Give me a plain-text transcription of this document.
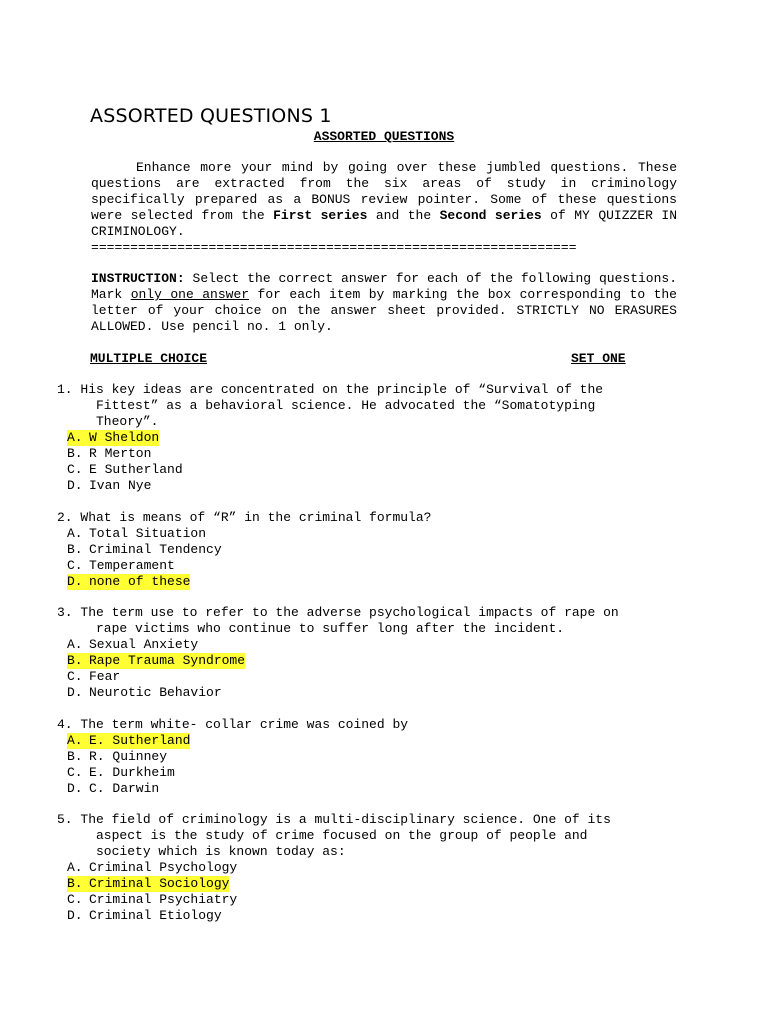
ASSORTED QUESTIONS 1
ASSORTED QUESTIONS

Enhance more your mind by going over these jumbled questions. These questions are extracted from the six areas of study in criminology specifically prepared as a BONUS review pointer. Some of these questions were selected from the First series and the Second series of MY QUIZZER IN CRIMINOLOGY.

==============================================================

INSTRUCTION: Select the correct answer for each of the following questions. Mark only one answer for each item by marking the box corresponding to the letter of your choice on the answer sheet provided. STRICTLY NO ERASURES ALLOWED. Use pencil no. 1 only.

MULTIPLE CHOICE	SET ONE
1. His key ideas are concentrated on the principle of “Survival of the
Fittest” as a behavioral science. He advocated the “Somatotyping
Theory”.
A. W Sheldon
B. R Merton
C. E Sutherland
D. Ivan Nye
2. What is means of “R” in the criminal formula?
A. Total Situation
B. Criminal Tendency
C. Temperament
D. none of these
3. The term use to refer to the adverse psychological impacts of rape on
rape victims who continue to suffer long after the incident.
A. Sexual Anxiety
B. Rape Trauma Syndrome
C. Fear
D. Neurotic Behavior
4. The term white- collar crime was coined by
A. E. Sutherland
B. R. Quinney
C. E. Durkheim
D. C. Darwin
5. The field of criminology is a multi-disciplinary science. One of its
aspect is the study of crime focused on the group of people and
society which is known today as:
A. Criminal Psychology
B. Criminal Sociology
C. Criminal Psychiatry
D. Criminal Etiology
